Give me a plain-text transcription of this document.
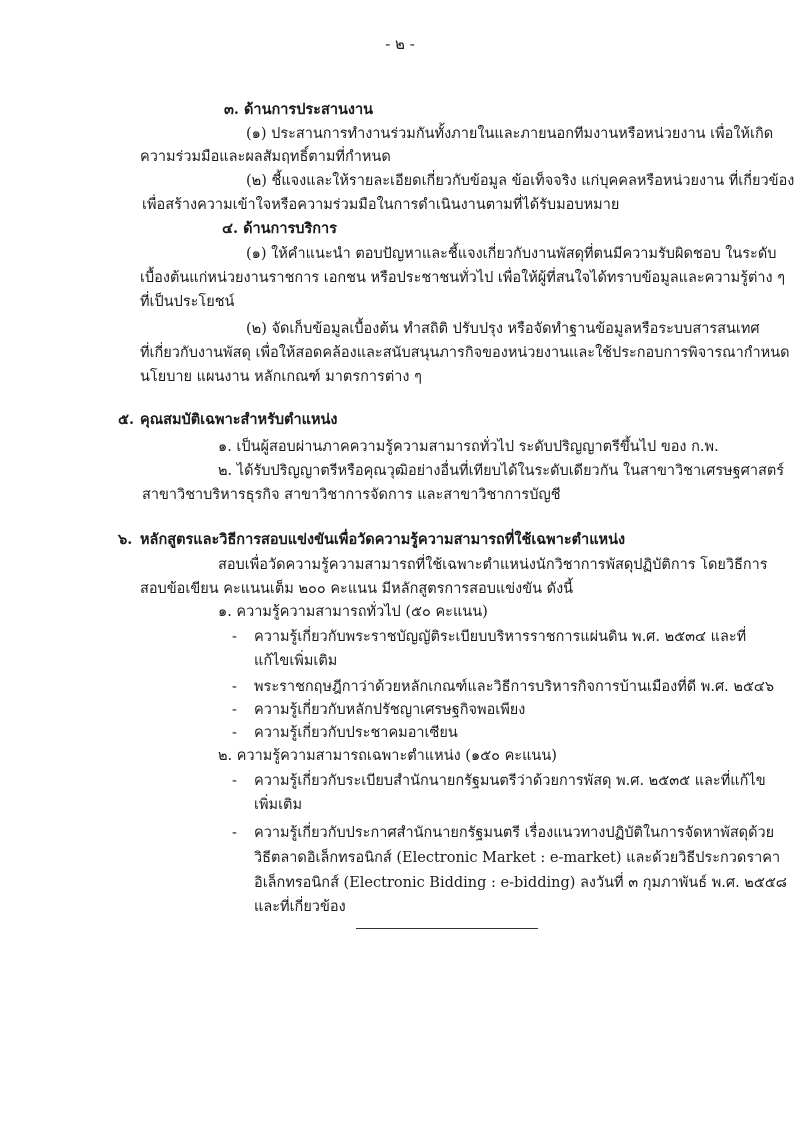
- ๒ -
๓. ด้านการประสานงาน
(๑) ประสานการทำงานร่วมกันทั้งภายในและภายนอกทีมงานหรือหน่วยงาน เพื่อให้เกิด
ความร่วมมือและผลสัมฤทธิ์ตามที่กำหนด
(๒) ชี้แจงและให้รายละเอียดเกี่ยวกับข้อมูล ข้อเท็จจริง แก่บุคคลหรือหน่วยงาน ที่เกี่ยวข้อง
เพื่อสร้างความเข้าใจหรือความร่วมมือในการดำเนินงานตามที่ได้รับมอบหมาย
๔. ด้านการบริการ
(๑) ให้คำแนะนำ ตอบปัญหาและชี้แจงเกี่ยวกับงานพัสดุที่ตนมีความรับผิดชอบ ในระดับ
เบื้องต้นแก่หน่วยงานราชการ เอกชน หรือประชาชนทั่วไป เพื่อให้ผู้ที่สนใจได้ทราบข้อมูลและความรู้ต่าง ๆ
ที่เป็นประโยชน์
(๒) จัดเก็บข้อมูลเบื้องต้น ทำสถิติ ปรับปรุง หรือจัดทำฐานข้อมูลหรือระบบสารสนเทศ
ที่เกี่ยวกับงานพัสดุ เพื่อให้สอดคล้องและสนับสนุนภารกิจของหน่วยงานและใช้ประกอบการพิจารณากำหนด
นโยบาย แผนงาน หลักเกณฑ์ มาตรการต่าง ๆ
๕. คุณสมบัติเฉพาะสำหรับตำแหน่ง
๑. เป็นผู้สอบผ่านภาคความรู้ความสามารถทั่วไป ระดับปริญญาตรีขึ้นไป ของ ก.พ.
๒. ได้รับปริญญาตรีหรือคุณวุฒิอย่างอื่นที่เทียบได้ในระดับเดียวกัน ในสาขาวิชาเศรษฐศาสตร์
สาขาวิชาบริหารธุรกิจ สาขาวิชาการจัดการ และสาขาวิชาการบัญชี
๖. หลักสูตรและวิธีการสอบแข่งขันเพื่อวัดความรู้ความสามารถที่ใช้เฉพาะตำแหน่ง
สอบเพื่อวัดความรู้ความสามารถที่ใช้เฉพาะตำแหน่งนักวิชาการพัสดุปฏิบัติการ โดยวิธีการ
สอบข้อเขียน คะแนนเต็ม ๒๐๐ คะแนน มีหลักสูตรการสอบแข่งขัน ดังนี้
๑. ความรู้ความสามารถทั่วไป (๕๐ คะแนน)
- ความรู้เกี่ยวกับพระราชบัญญัติระเบียบบริหารราชการแผ่นดิน พ.ศ. ๒๕๓๔ และที่
แก้ไขเพิ่มเติม
- พระราชกฤษฎีกาว่าด้วยหลักเกณฑ์และวิธีการบริหารกิจการบ้านเมืองที่ดี พ.ศ. ๒๕๔๖
- ความรู้เกี่ยวกับหลักปรัชญาเศรษฐกิจพอเพียง
- ความรู้เกี่ยวกับประชาคมอาเซียน
๒. ความรู้ความสามารถเฉพาะตำแหน่ง (๑๕๐ คะแนน)
- ความรู้เกี่ยวกับระเบียบสำนักนายกรัฐมนตรีว่าด้วยการพัสดุ พ.ศ. ๒๕๓๕ และที่แก้ไข
เพิ่มเติม
- ความรู้เกี่ยวกับประกาศสำนักนายกรัฐมนตรี เรื่องแนวทางปฏิบัติในการจัดหาพัสดุด้วย
วิธีตลาดอิเล็กทรอนิกส์ (Electronic Market : e-market) และด้วยวิธีประกวดราคา
อิเล็กทรอนิกส์ (Electronic Bidding : e-bidding) ลงวันที่ ๓ กุมภาพันธ์ พ.ศ. ๒๕๕๘
และที่เกี่ยวข้อง
